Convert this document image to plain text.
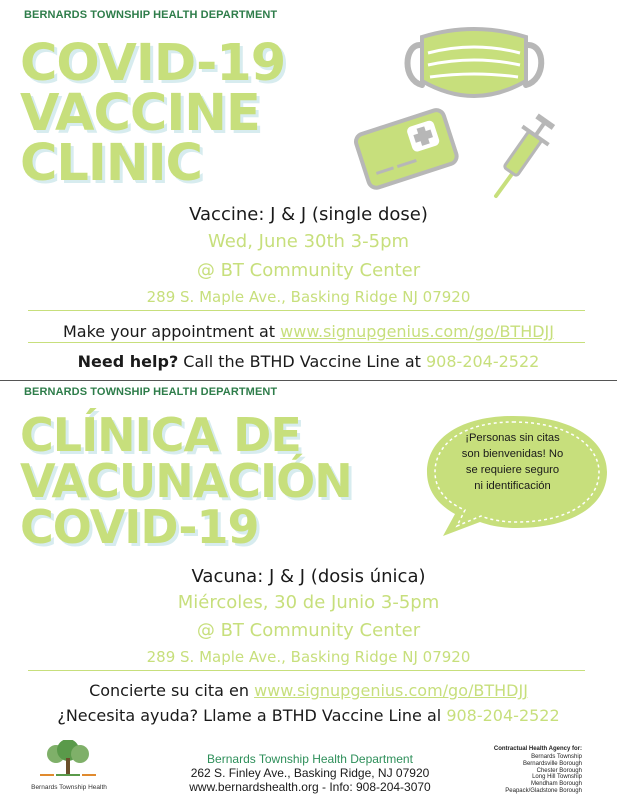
BERNARDS TOWNSHIP HEALTH DEPARTMENT
COVID-19
VACCINE
CLINIC
Vaccine: J & J (single dose)
Wed, June 30th 3-5pm
@ BT Community Center
289 S. Maple Ave., Basking Ridge NJ 07920
Make your appointment at www.signupgenius.com/go/BTHDJJ
Need help? Call the BTHD Vaccine Line at 908-204-2522
BERNARDS TOWNSHIP HEALTH DEPARTMENT
CLÍNICA DE
VACUNACIÓN
COVID-19
¡Personas sin citas
son bienvenidas! No
se requiere seguro
ni identificación
Vacuna: J & J (dosis única)
Miércoles, 30 de Junio 3-5pm
@ BT Community Center
289 S. Maple Ave., Basking Ridge NJ 07920
Concierte su cita en www.signupgenius.com/go/BTHDJJ
¿Necesita ayuda? Llame a BTHD Vaccine Line al 908-204-2522
Bernards Township Health
Bernards Township Health Department
262 S. Finley Ave., Basking Ridge, NJ 07920
www.bernardshealth.org - Info: 908-204-3070
Contractual Health Agency for:
Bernards Township
Bernardsville Borough
Chester Borough
Long Hill Township
Mendham Borough
Peapack/Gladstone Borough
